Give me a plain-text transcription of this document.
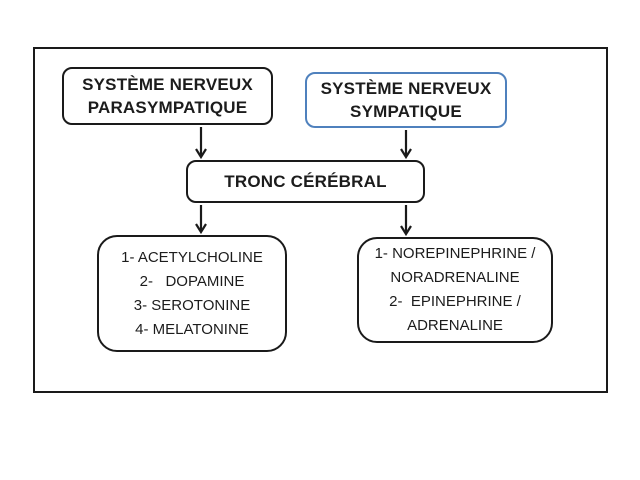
SYSTÈME NERVEUX
PARASYMPATIQUE
SYSTÈME NERVEUX
SYMPATIQUE
TRONC CÉRÉBRAL
1- ACETYLCHOLINE
2-   DOPAMINE
3- SEROTONINE
4- MELATONINE
1- NOREPINEPHRINE /
NORADRENALINE
2-  EPINEPHRINE /
ADRENALINE
